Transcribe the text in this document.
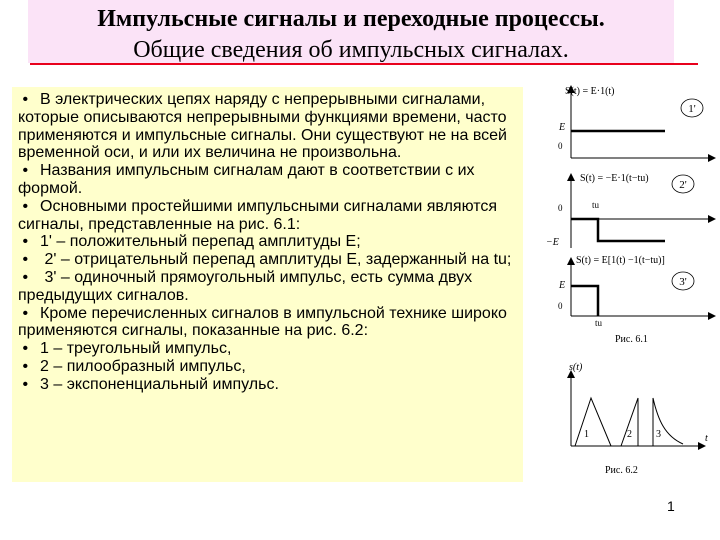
Импульсные сигналы и переходные процессы.
Общие сведения об импульсных сигналах.
• В электрических цепях наряду с непрерывными сигналами, которые описываются непрерывными функциями времени, часто применяются и импульсные сигналы. Они существуют не на всей временной оси, и или их величина не произвольна.
• Названия импульсным сигналам дают в соответствии с их формой.
• Основными простейшими импульсными сигналами являются сигналы, представленные на рис. 6.1:
• 1' – положительный перепад амплитуды E;
• 2' – отрицательный перепад амплитуды E, задержанный на tu;
• 3' – одиночный прямоугольный импульс, есть сумма двух предыдущих сигналов.
• Кроме перечисленных сигналов в импульсной технике широко применяются сигналы, показанные на рис. 6.2:
• 1 – треугольный импульс,
• 2 – пилообразный импульс,
• 3 – экспоненциальный импульс.
S(t) = E·1(t)
E
0
1'
S(t) = −E·1(t−tu)
0	tu
−E
2'
S(t) = E[1(t) −1(t−tu)]
E
0
tu
3'
Рис. 6.1
s(t)
1	2 3	t
Рис. 6.2
1
